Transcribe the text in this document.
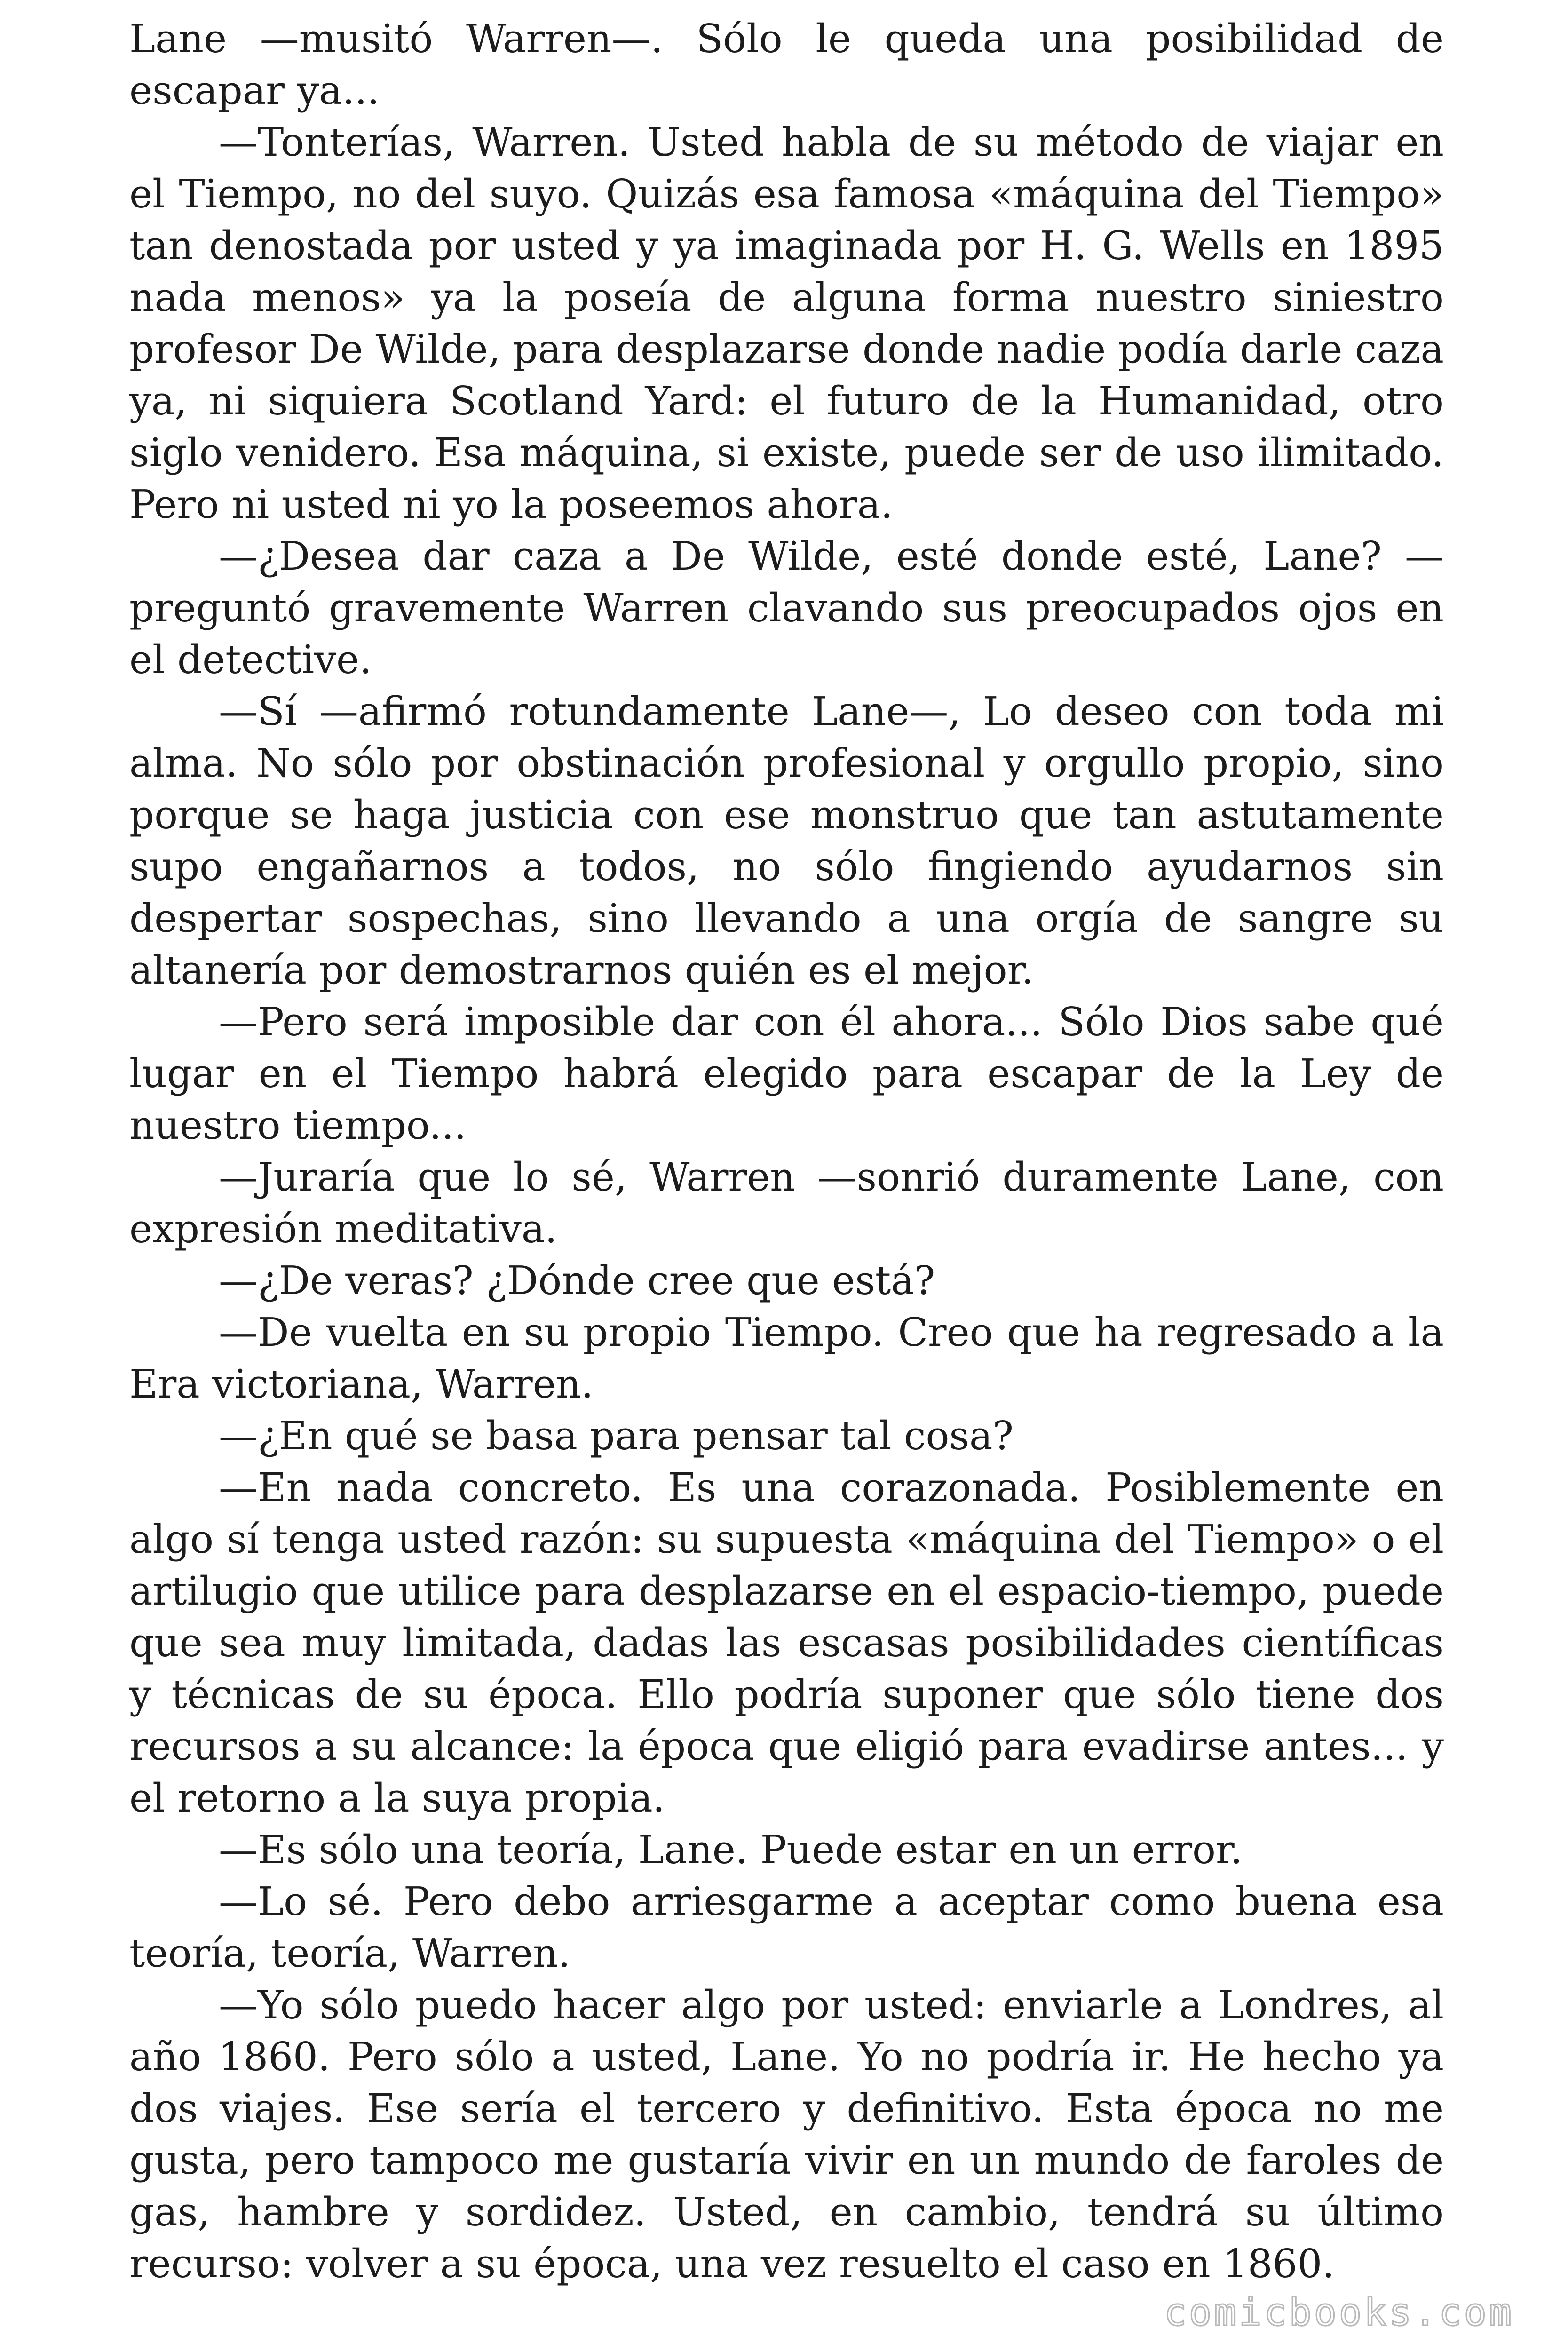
Lane —musitó Warren—. Sólo le queda una posibilidad de escapar ya...

—Tonterías, Warren. Usted habla de su método de viajar en el Tiempo, no del suyo. Quizás esa famosa «máquina del Tiempo» tan denostada por usted y ya imaginada por H. G. Wells en 1895 nada menos» ya la poseía de alguna forma nuestro siniestro profesor De Wilde, para desplazarse donde nadie podía darle caza ya, ni siquiera Scotland Yard: el futuro de la Humanidad, otro siglo venidero. Esa máquina, si existe, puede ser de uso ilimitado. Pero ni usted ni yo la poseemos ahora.

—¿Desea dar caza a De Wilde, esté donde esté, Lane? —preguntó gravemente Warren clavando sus preocupados ojos en el detective.

—Sí —afirmó rotundamente Lane—, Lo deseo con toda mi alma. No sólo por obstinación profesional y orgullo propio, sino porque se haga justicia con ese monstruo que tan astutamente supo engañarnos a todos, no sólo fingiendo ayudarnos sin despertar sospechas, sino llevando a una orgía de sangre su altanería por demostrarnos quién es el mejor.

—Pero será imposible dar con él ahora... Sólo Dios sabe qué lugar en el Tiempo habrá elegido para escapar de la Ley de nuestro tiempo...

—Juraría que lo sé, Warren —sonrió duramente Lane, con expresión meditativa.

—¿De veras? ¿Dónde cree que está?

—De vuelta en su propio Tiempo. Creo que ha regresado a la Era victoriana, Warren.

—¿En qué se basa para pensar tal cosa?

—En nada concreto. Es una corazonada. Posiblemente en algo sí tenga usted razón: su supuesta «máquina del Tiempo» o el artilugio que utilice para desplazarse en el espacio-tiempo, puede que sea muy limitada, dadas las escasas posibilidades científicas y técnicas de su época. Ello podría suponer que sólo tiene dos recursos a su alcance: la época que eligió para evadirse antes... y el retorno a la suya propia.

—Es sólo una teoría, Lane. Puede estar en un error.

—Lo sé. Pero debo arriesgarme a aceptar como buena esa teoría, teoría, Warren.

—Yo sólo puedo hacer algo por usted: enviarle a Londres, al año 1860. Pero sólo a usted, Lane. Yo no podría ir. He hecho ya dos viajes. Ese sería el tercero y definitivo. Esta época no me gusta, pero tampoco me gustaría vivir en un mundo de faroles de gas, hambre y sordidez. Usted, en cambio, tendrá su último recurso: volver a su época, una vez resuelto el caso en 1860.

comicbooks.com
